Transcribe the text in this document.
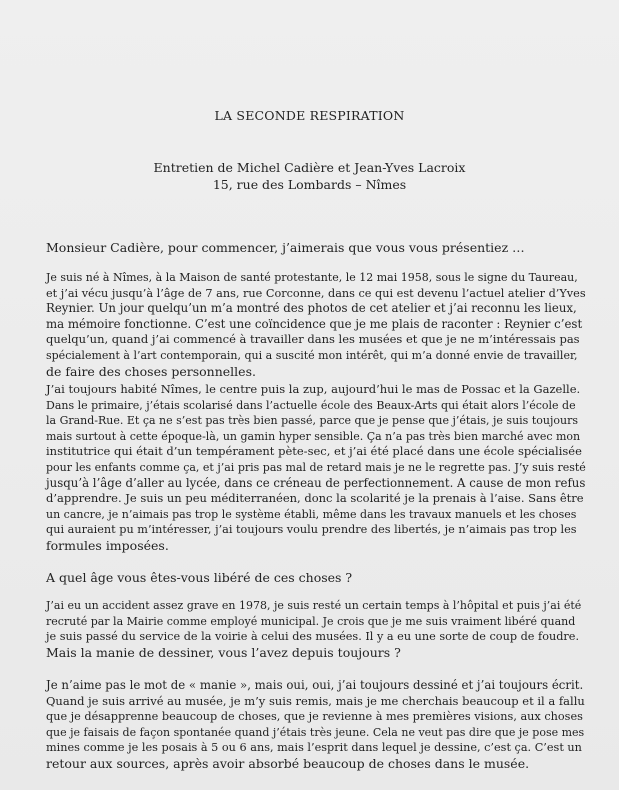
LA SECONDE RESPIRATION
Entretien de Michel Cadière et Jean-Yves Lacroix
15, rue des Lombards – Nîmes
Monsieur Cadière, pour commencer, j’aimerais que vous vous présentiez …
Je suis né à Nîmes, à la Maison de santé protestante, le 12 mai 1958, sous le signe du Taureau,
et j’ai vécu jusqu’à l’âge de 7 ans, rue Corconne, dans ce qui est devenu l’actuel atelier d’Yves
Reynier. Un jour quelqu’un m’a montré des photos de cet atelier et j’ai reconnu les lieux,
ma mémoire fonctionne. C’est une coïncidence que je me plais de raconter : Reynier c’est
quelqu’un, quand j’ai commencé à travailler dans les musées et que je ne m’intéressais pas
spécialement à l’art contemporain, qui a suscité mon intérêt, qui m’a donné envie de travailler,
de faire des choses personnelles.
J’ai toujours habité Nîmes, le centre puis la zup, aujourd’hui le mas de Possac et la Gazelle.
Dans le primaire, j’étais scolarisé dans l’actuelle école des Beaux-Arts qui était alors l’école de
la Grand-Rue. Et ça ne s’est pas très bien passé, parce que je pense que j’étais, je suis toujours
mais surtout à cette époque-là, un gamin hyper sensible. Ça n’a pas très bien marché avec mon
institutrice qui était d’un tempérament pète-sec, et j’ai été placé dans une école spécialisée
pour les enfants comme ça, et j’ai pris pas mal de retard mais je ne le regrette pas. J’y suis resté
jusqu’à l’âge d’aller au lycée, dans ce créneau de perfectionnement. A cause de mon refus
d’apprendre. Je suis un peu méditerranéen, donc la scolarité je la prenais à l’aise. Sans être
un cancre, je n’aimais pas trop le système établi, même dans les travaux manuels et les choses
qui auraient pu m’intéresser, j’ai toujours voulu prendre des libertés, je n’aimais pas trop les
formules imposées.
A quel âge vous êtes-vous libéré de ces choses ?
J’ai eu un accident assez grave en 1978, je suis resté un certain temps à l’hôpital et puis j’ai été
recruté par la Mairie comme employé municipal. Je crois que je me suis vraiment libéré quand
je suis passé du service de la voirie à celui des musées. Il y a eu une sorte de coup de foudre.
Mais la manie de dessiner, vous l’avez depuis toujours ?
Je n’aime pas le mot de « manie », mais oui, oui, j’ai toujours dessiné et j’ai toujours écrit.
Quand je suis arrivé au musée, je m’y suis remis, mais je me cherchais beaucoup et il a fallu
que je désapprenne beaucoup de choses, que je revienne à mes premières visions, aux choses
que je faisais de façon spontanée quand j’étais très jeune. Cela ne veut pas dire que je pose mes
mines comme je les posais à 5 ou 6 ans, mais l’esprit dans lequel je dessine, c’est ça. C’est un
retour aux sources, après avoir absorbé beaucoup de choses dans le musée.
